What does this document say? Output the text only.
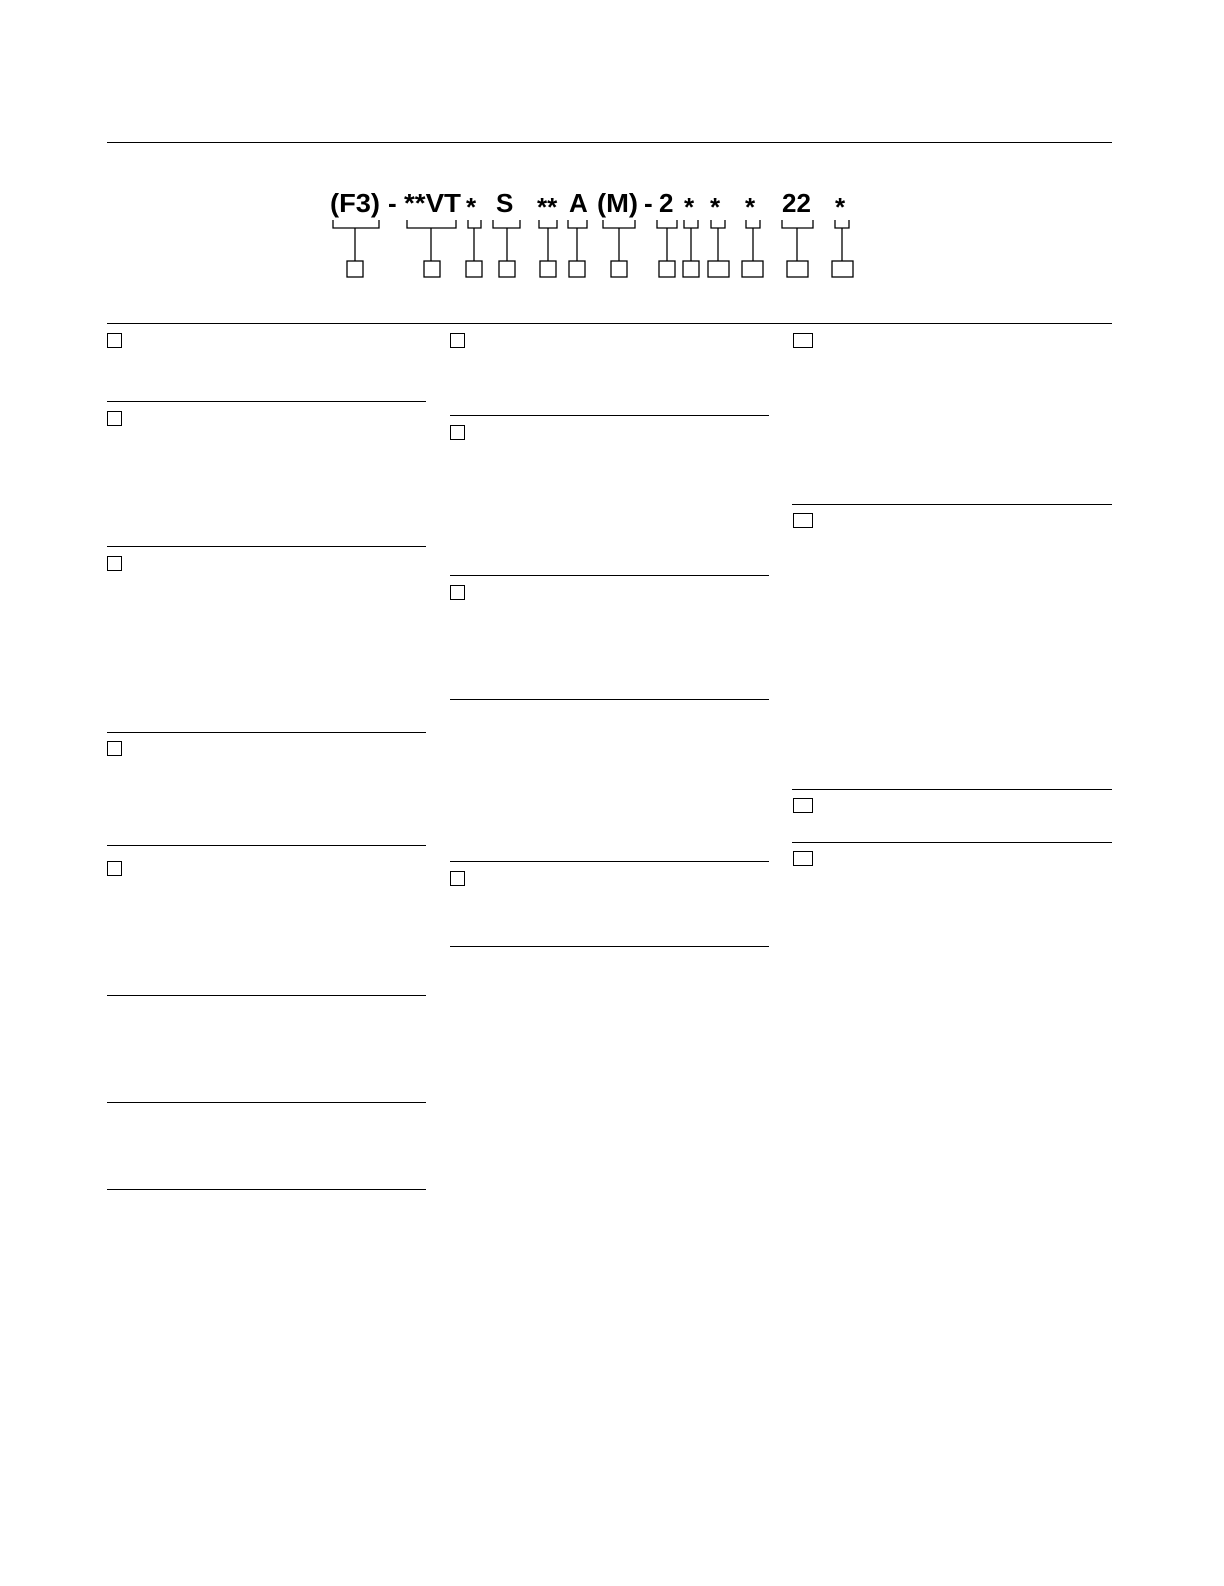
(F3) - **VT * S ** A (M) - 2 * * * 22 *
